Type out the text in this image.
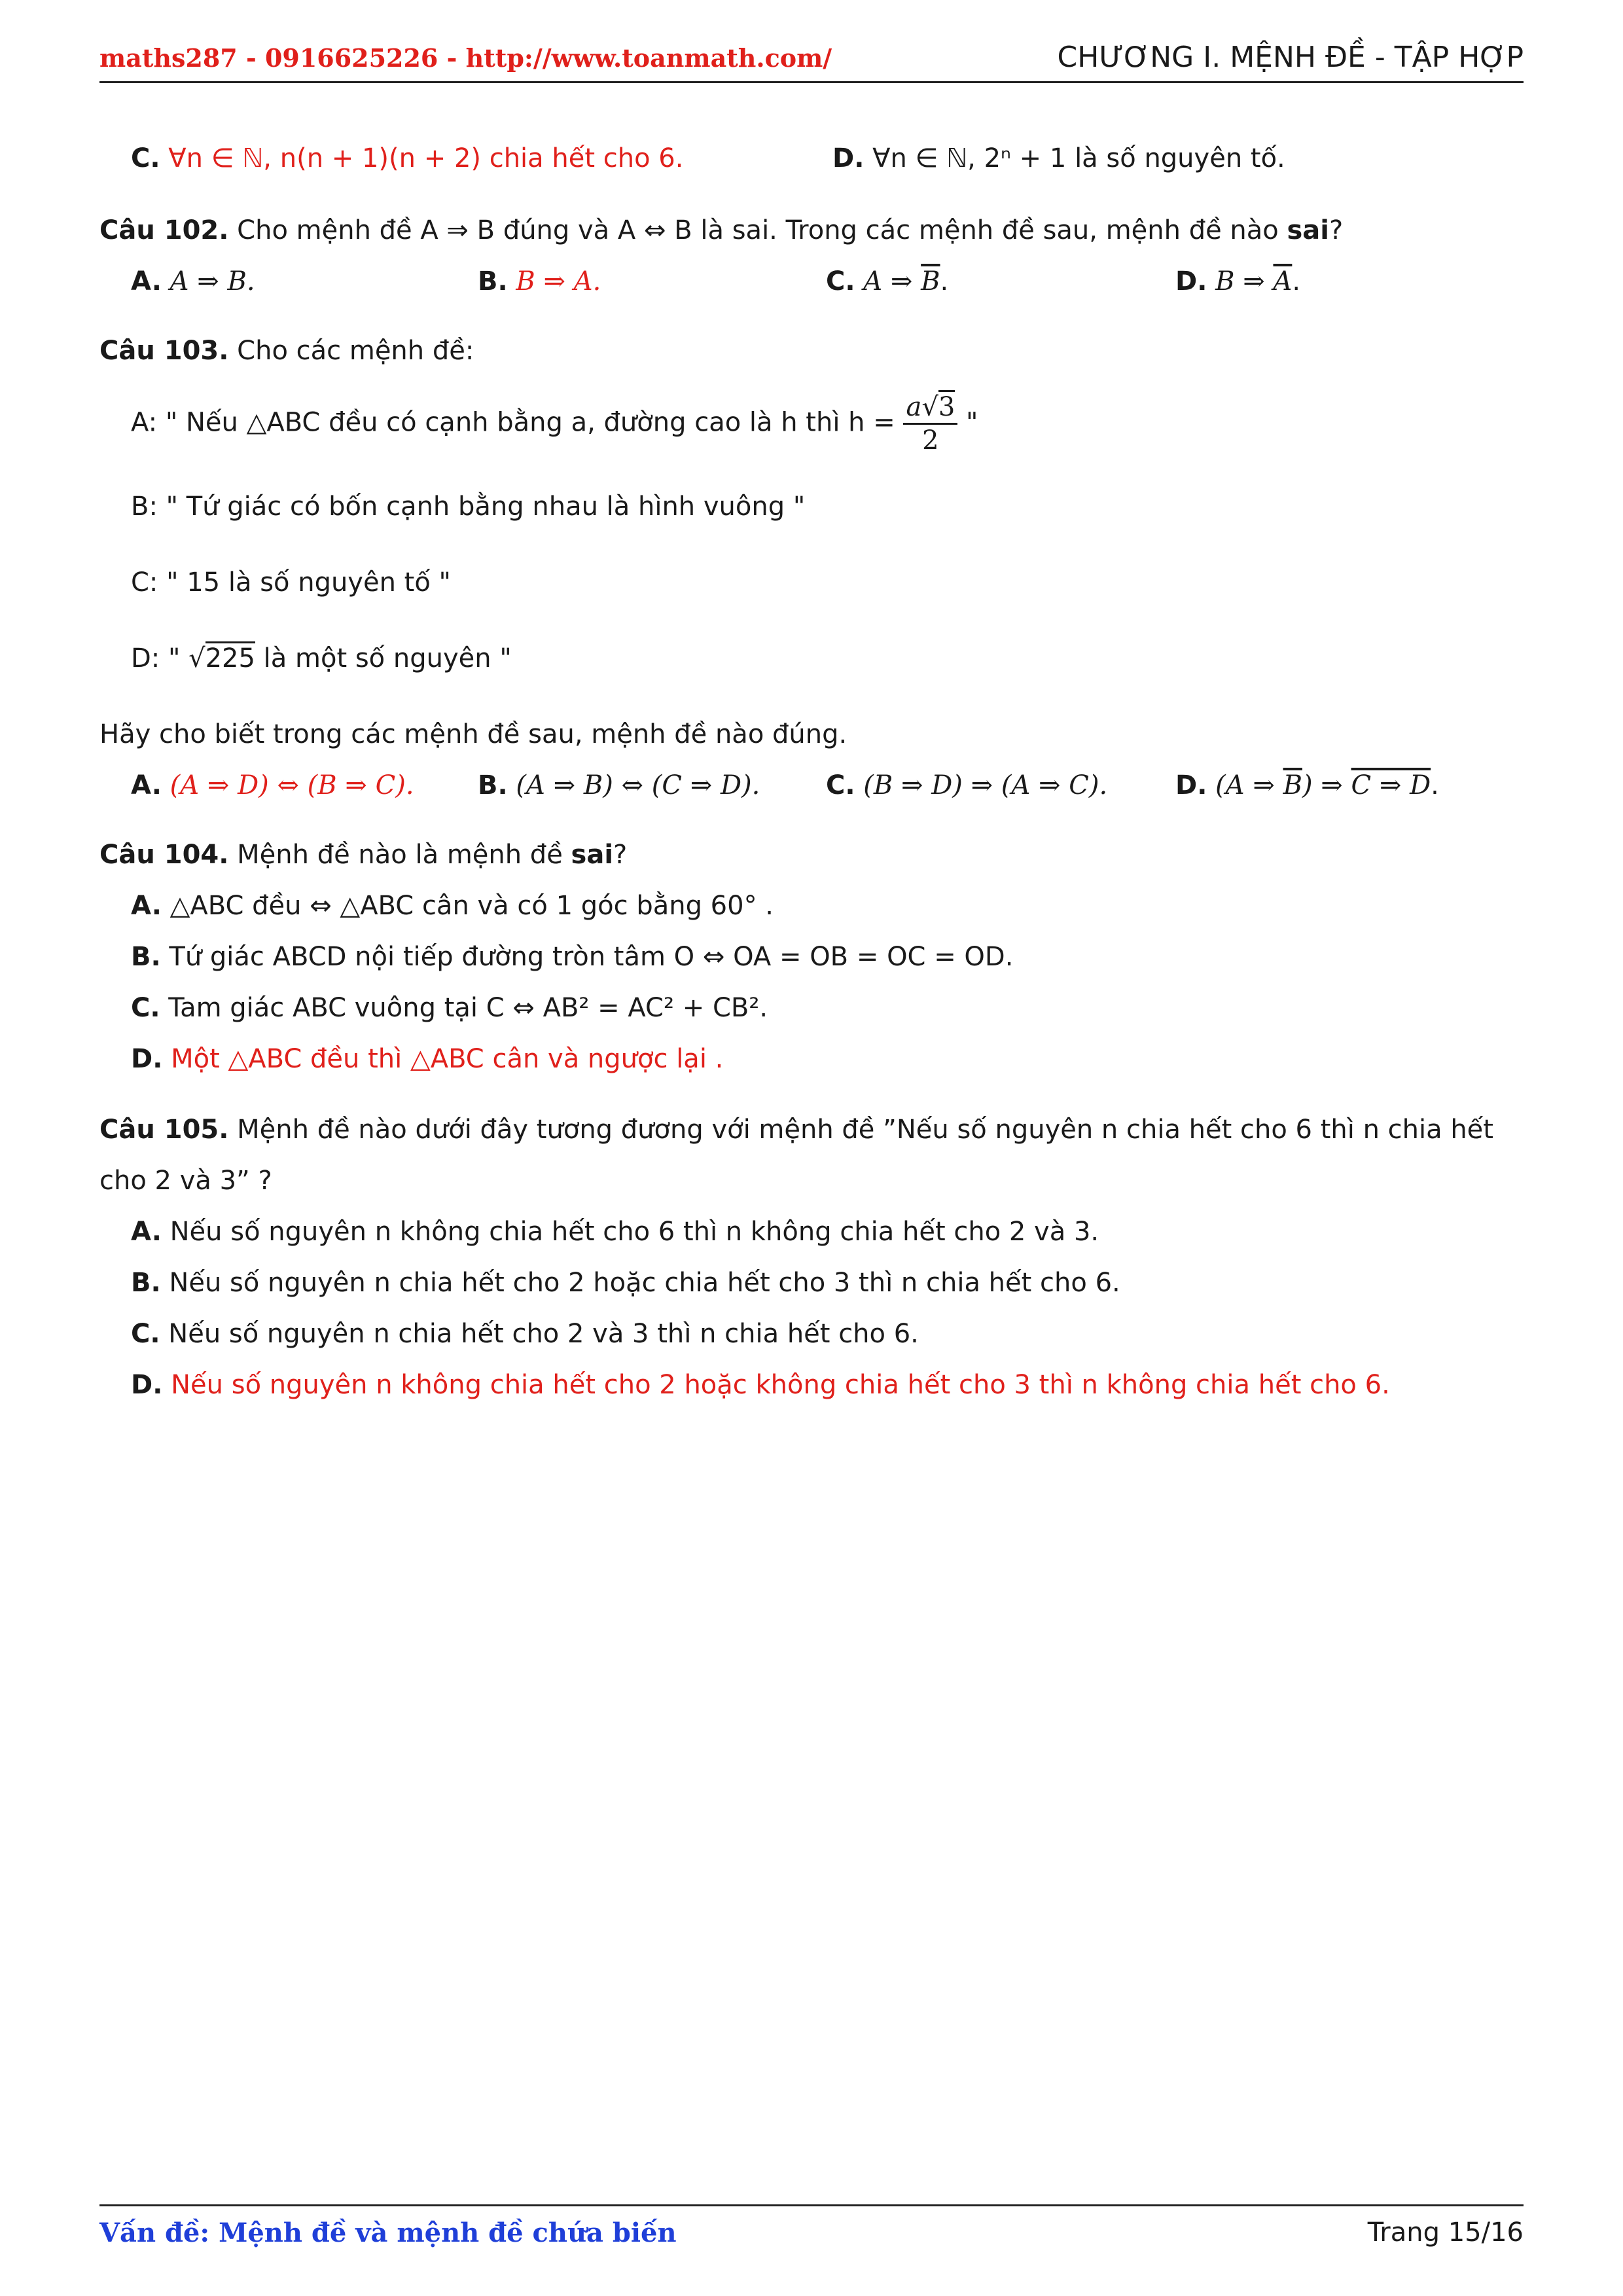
maths287 - 0916625226 - http://www.toanmath.com/	CHƯƠNG I. MỆNH ĐỀ - TẬP HỢP
C. ∀n ∈ ℕ, n(n + 1)(n + 2) chia hết cho 6.	D. ∀n ∈ ℕ, 2ⁿ + 1 là số nguyên tố.
Câu 102. Cho mệnh đề A ⇒ B đúng và A ⇔ B là sai. Trong các mệnh đề sau, mệnh đề nào sai?
A. A ⇒ B.	B. B ⇒ A.	C. A ⇒ $\overline{B}$.	D. B ⇒ $\overline{A}$.
Câu 103. Cho các mệnh đề:
A: " Nếu △ABC đều có cạnh bằng a, đường cao là h thì $h = \frac{a√3}{2}$ "
B: " Tứ giác có bốn cạnh bằng nhau là hình vuông "
C: " 15 là số nguyên tố "
D: " √225 là một số nguyên "
Hãy cho biết trong các mệnh đề sau, mệnh đề nào đúng.
A. (A ⇒ D) ⇔ (B ⇒ C). B. (A ⇒ B) ⇔ (C ⇒ D).	C. (B ⇒ D) ⇒ (A ⇒ C).	D. (A ⇒ $\overline{B}$) ⇒ C ⇒ D.
Câu 104. Mệnh đề nào là mệnh đề sai?
A. △ABC đều ⇔ △ABC cân và có 1 góc bằng 60° .
B. Tứ giác ABCD nội tiếp đường tròn tâm O ⇔ OA = OB = OC = OD.
C. Tam giác ABC vuông tại C ⇔ AB² = AC² + CB².
D. Một △ABC đều thì △ABC cân và ngược lại .
Câu 105. Mệnh đề nào dưới đây tương đương với mệnh đề ”Nếu số nguyên n chia hết cho 6 thì n chia hết
cho 2 và 3” ?
A. Nếu số nguyên n không chia hết cho 6 thì n không chia hết cho 2 và 3.
B. Nếu số nguyên n chia hết cho 2 hoặc chia hết cho 3 thì n chia hết cho 6.
C. Nếu số nguyên n chia hết cho 2 và 3 thì n chia hết cho 6.
D. Nếu số nguyên n không chia hết cho 2 hoặc không chia hết cho 3 thì n không chia hết cho 6.
Vấn đề: Mệnh đề và mệnh đề chứa biến	Trang 15/16
